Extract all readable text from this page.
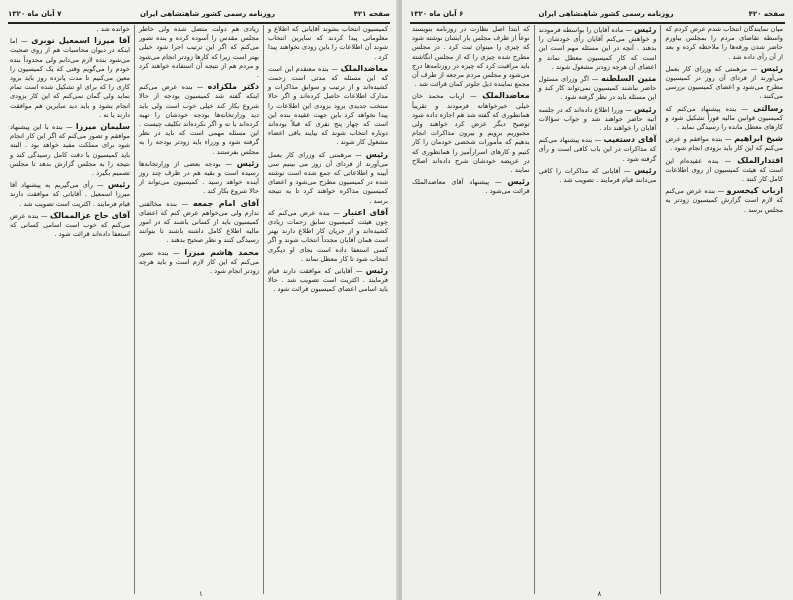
صفحه ۴۲۱
روزنامه رسمی کشور شاهنشاهی ایران
۷ آبان ماه ۱۳۲۰

کمیسیون انتخاب بشوند آقایانی که اطلاع و معلوماتی پیدا کردند که سایرین انتخاب شوند آن اطلاعات را باین زودی نخواهند پیدا کرد .

معاضدالملک — بنده معتقدم این است که این مسئله که مدتی است زحمت کشیده‌اند و از ترتیب و سوابق مذاکرات و مدارک اطلاعات حاصل کرده‌اند و اگر حالا منتخب جدیدی برود بزودی این اطلاعات را پیدا نخواهد کرد باین جهت عقیده بنده این است که چهار پنج نفری که قبلاً بوده‌اند دوباره انتخاب شوند که بیایند باقی اعضاء مشغول کار شوند .

رئیس — مرهمتی که وزرای کار بعمل می‌آورند از فردای آن روز می بینیم سی آیینه و اطلاعاتی که جمع شده است نوشته شده در کمیسیون مطرح می‌شود و اعضای کمیسیون مذاکره خواهند کرد تا به نتیجه برسد .

آقای اعتبار — بنده عرض می‌کنم که چون هیئت کمیسیون سابق زحمات زیادی کشیده‌اند و از جریان کار اطلاع دارند بهتر است همان آقایان مجدداً انتخاب شوند و اگر کسی استعفا داده است بجای او دیگری انتخاب شود تا کار معطل نماند .

رئیس — آقایانی که موافقت دارند قیام فرمایند . اکثریت است تصویب شد . حالا باید اسامی اعضای کمیسیون قرائت شود .

زیادی هم دولت متصل شده ولی خاطر مجلس مقدس را آسوده کرده و بنده تصور می‌کنم که اگر این ترتیب اجرا شود خیلی بهتر است زیرا که کارها زودتر انجام می‌شود و مردم هم از نتیجه آن استفاده خواهند کرد .

دکتر ملکزاده — بنده عرض می‌کنم اینکه گفته شد کمیسیون بودجه از حالا شروع بکار کند خیلی خوب است ولی باید دید وزارتخانه‌ها بودجه خودشان را تهیه کرده‌اند یا نه و اگر نکرده‌اند تکلیف چیست . این مسئله مهمی است که باید در نظر گرفته شود و وزراء باید زودتر بودجه را به مجلس بفرستند .

رئیس — بودجه بعضی از وزارتخانه‌ها رسیده است و بقیه هم در ظرف چند روز آینده خواهد رسید . کمیسیون می‌تواند از حالا شروع بکار کند .

آقای امام جمعه — بنده مخالفتی ندارم ولی می‌خواهم عرض کنم که اعضای کمیسیون باید از کسانی باشند که در امور مالیه اطلاع کامل داشته باشند تا بتوانند رسیدگی کنند و نظر صحیح بدهند .

محمد هاشم میرزا — بنده تصور می‌کنم که این کار لازم است و باید هرچه زودتر انجام شود .

خوانده شد .

آقا میرزا اسمعیل نوبری — اما اینکه در دیوان محاسبات هم از روی صحبت می‌شود بنده لازم می‌دانم ولی محدوداً بنده خودم را می‌گویم وقتی که یک کمیسیون را معین می‌کنیم تا مدت پانزده روز باید برود کاری را که برای او تشکیل شده است تمام نماید ولی گمان نمی‌کنم که این کار بزودی انجام بشود و باید دید سایرین هم موافقت دارند یا نه .

سلیمان میرزا — بنده با این پیشنهاد موافقم و تصور می‌کنم که اگر این کار انجام شود برای مملکت مفید خواهد بود . البته باید کمیسیون با دقت کامل رسیدگی کند و نتیجه را به مجلس گزارش بدهد تا مجلس تصمیم بگیرد .

رئیس — رأی می‌گیریم به پیشنهاد آقا میرزا اسمعیل . آقایانی که موافقت دارند قیام فرمایند . اکثریت است تصویب شد .

آقای حاج عزالممالک — بنده عرض می‌کنم که خوب است اسامی کسانی که استعفا داده‌اند قرائت شود .

۱
صفحه ۴۲۰
روزنامه رسمی کشور شاهنشاهی ایران
۶ آبان ماه ۱۳۲۰

میان نمایندگان انتخاب شدم عرض کردم که واسطه تقاضای مردم را بمجلس بیاورم حاضر شدن ورقه‌ها را ملاحظه کرده و بعد از آن رأی داده شد .

رئیس — مرهمتی که وزرای کار بعمل می‌آورند از فردای آن روز در کمیسیون مطرح می‌شود و اعضای کمیسیون بررسی می‌کنند .

رسالتی — بنده پیشنهاد می‌کنم که کمیسیون قوانین مالیه فوراً تشکیل شود و کارهای معطل مانده را رسیدگی نماید .

شیخ ابراهیم — بنده موافقم و عرض می‌کنم که این کار باید بزودی انجام شود .

اقتدارالملک — بنده عقیده‌ام این است که هیئت کمیسیون از روی اطلاعات کامل کار کنند .

ارباب کیخسرو — بنده عرض می‌کنم که لازم است گزارش کمیسیون زودتر به مجلس برسد .

رئیس — ماده آقایان را بواسطه فرمودند و خواهش می‌کنم آقایان رأی خودشان را بدهند . آنچه در این مسئله مهم است این است که کار کمیسیون معطل نماند و اعضای آن هرچه زودتر مشغول شوند .

متین السلطنه — اگر وزرای مسئول حاضر نباشند کمیسیون نمی‌تواند کار کند و این مسئله باید در نظر گرفته شود .

رئیس — وزرا اطلاع داده‌اند که در جلسه آتیه حاضر خواهند شد و جواب سؤالات آقایان را خواهند داد .

آقای دستغیب — بنده پیشنهاد می‌کنم که مذاکرات در این باب کافی است و رأی گرفته شود .

رئیس — آقایانی که مذاکرات را کافی می‌دانند قیام فرمایند . تصویب شد .

که ابتدا اصل نظارت در روزنامه بنویسند نوعاً از طرف مجلس بار ایشان نوشته شود که چیزی را میتوان ثبت کرد . در مجلس مطرح شده چیزی را که از مجلس انگاشته باید مراقبت کرد که چیزه در روزنامه‌ها درج می‌شود و مجلس مردم مرجعه از طرف آن مجمع نماینده ذیل جلوتر کمان قرائت شد .

معاضدالملک — ارباب محمد خان خیلی خیرخواهانه فرمودند و تقریباً همانطوری که گفته شد هم اجازه داده شود توضیح دیگر عرض کرد خواهند ولی مجبوریم برویم و بیرون مذاکرات انجام بدهیم که مأمورات شخصی خودمان را کار کنیم و کارهای اسرارآمیز را همانطوری که در عریضه خودشان شرح داده‌اند اصلاح نمایند .

رئیس — پیشنهاد آقای معاضدالملک قرائت می‌شود .

۸
